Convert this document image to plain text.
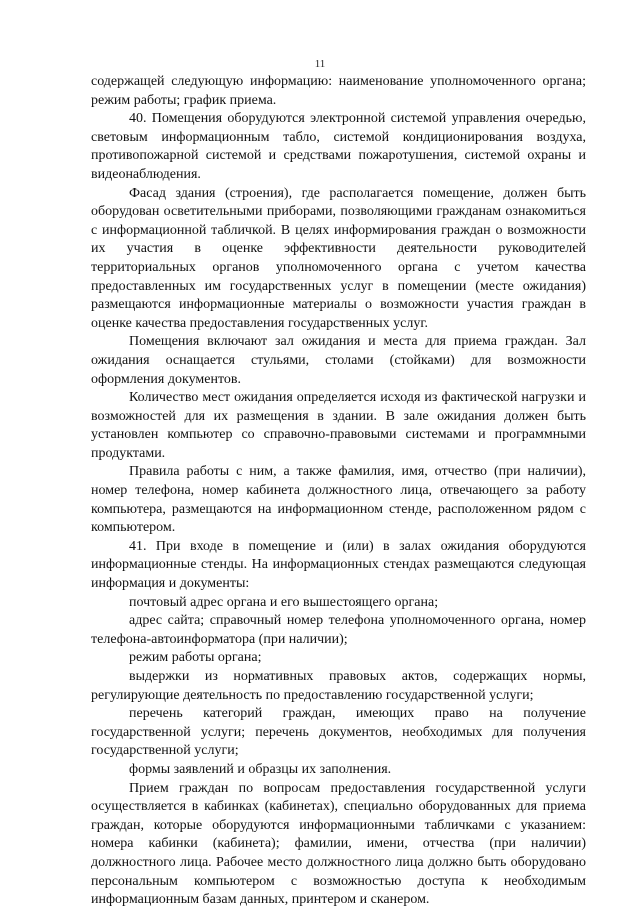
11

содержащей следующую информацию: наименование уполномоченного органа; режим работы; график приема.

40. Помещения оборудуются электронной системой управления очередью, световым информационным табло, системой кондиционирования воздуха, противопожарной системой и средствами пожаротушения, системой охраны и видеонаблюдения.

Фасад здания (строения), где располагается помещение, должен быть оборудован осветительными приборами, позволяющими гражданам ознакомиться с информационной табличкой. В целях информирования граждан о возможности их участия в оценке эффективности деятельности руководителей территориальных органов уполномоченного органа с учетом качества предоставленных им государственных услуг в помещении (месте ожидания) размещаются информационные материалы о возможности участия граждан в оценке качества предоставления государственных услуг.

Помещения включают зал ожидания и места для приема граждан. Зал ожидания оснащается стульями, столами (стойками) для возможности оформления документов.

Количество мест ожидания определяется исходя из фактической нагрузки и возможностей для их размещения в здании. В зале ожидания должен быть установлен компьютер со справочно-правовыми системами и программными продуктами.

Правила работы с ним, а также фамилия, имя, отчество (при наличии), номер телефона, номер кабинета должностного лица, отвечающего за работу компьютера, размещаются на информационном стенде, расположенном рядом с компьютером.

41. При входе в помещение и (или) в залах ожидания оборудуются информационные стенды. На информационных стендах размещаются следующая информация и документы:

почтовый адрес органа и его вышестоящего органа;

адрес сайта; справочный номер телефона уполномоченного органа, номер телефона-автоинформатора (при наличии);

режим работы органа;

выдержки из нормативных правовых актов, содержащих нормы, регулирующие деятельность по предоставлению государственной услуги;

перечень категорий граждан, имеющих право на получение государственной услуги; перечень документов, необходимых для получения государственной услуги;

формы заявлений и образцы их заполнения.

Прием граждан по вопросам предоставления государственной услуги осуществляется в кабинках (кабинетах), специально оборудованных для приема граждан, которые оборудуются информационными табличками с указанием: номера кабинки (кабинета); фамилии, имени, отчества (при наличии) должностного лица. Рабочее место должностного лица должно быть оборудовано персональным компьютером с возможностью доступа к необходимым информационным базам данных, принтером и сканером.
